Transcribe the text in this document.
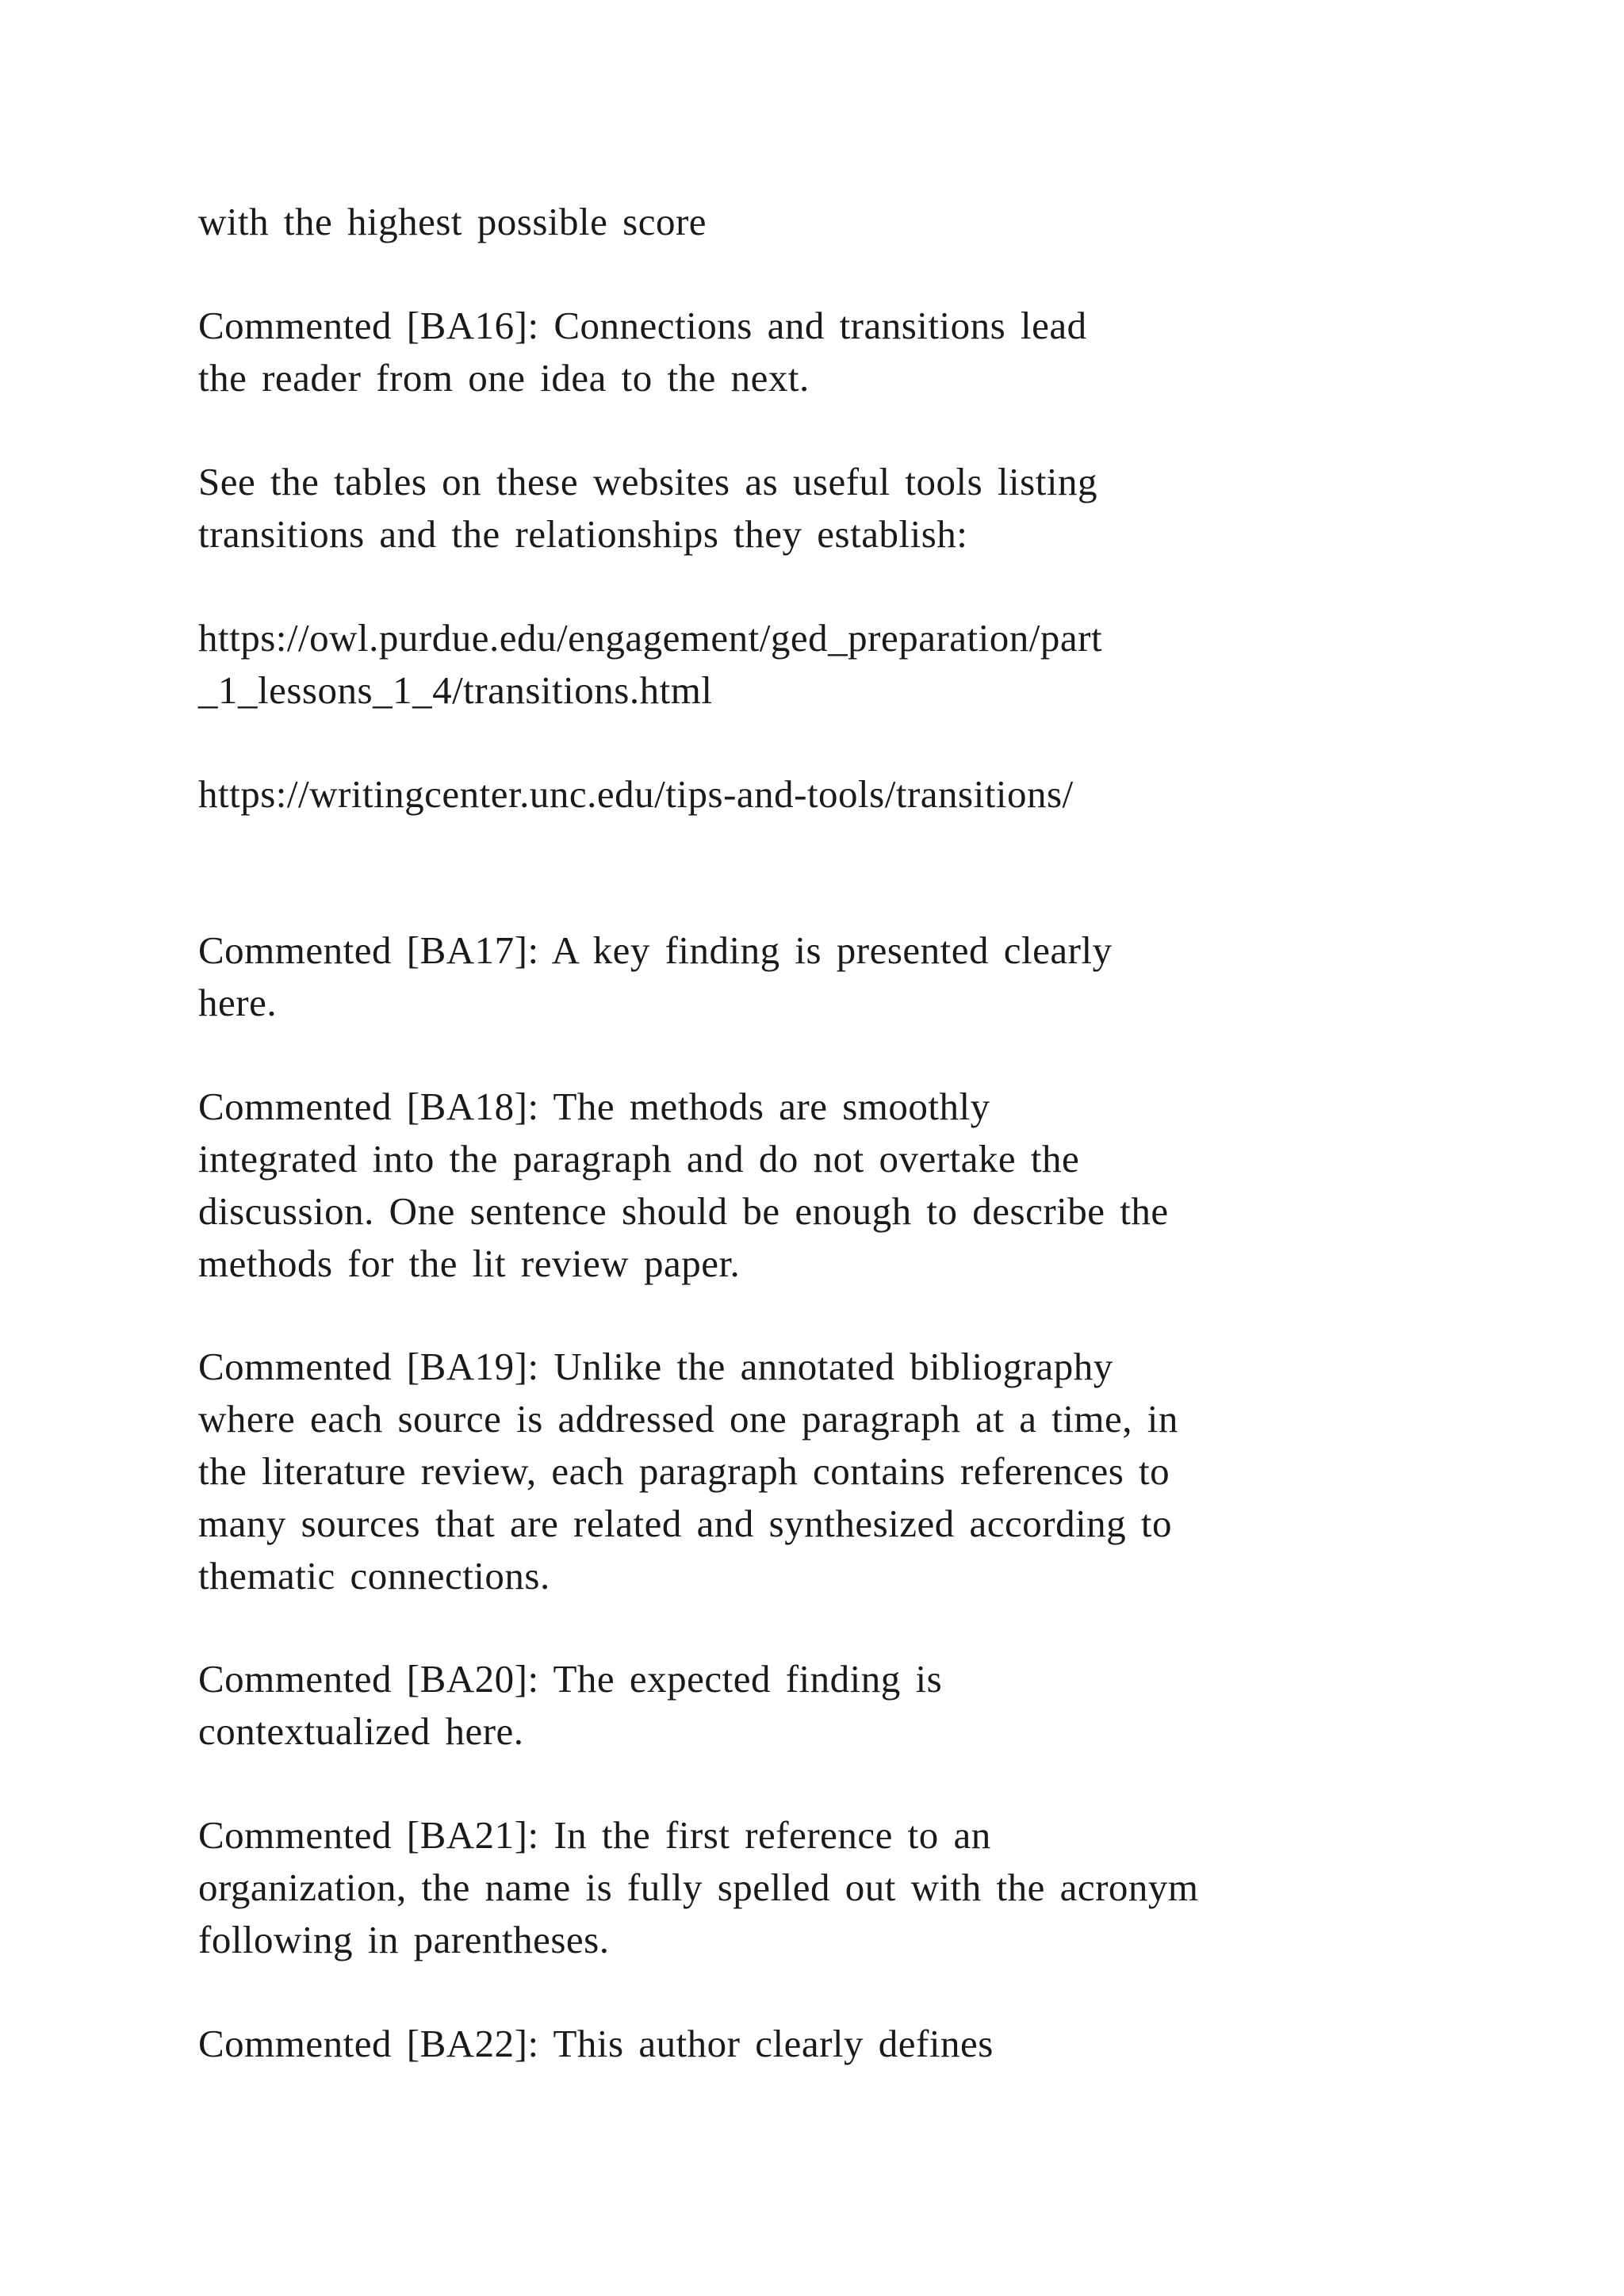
with the highest possible score
Commented [BA16]: Connections and transitions lead
the reader from one idea to the next.
See the tables on these websites as useful tools listing
transitions and the relationships they establish:
https://owl.purdue.edu/engagement/ged_preparation/part
_1_lessons_1_4/transitions.html
https://writingcenter.unc.edu/tips-and-tools/transitions/
Commented [BA17]: A key finding is presented clearly
here.
Commented [BA18]: The methods are smoothly
integrated into the paragraph and do not overtake the
discussion. One sentence should be enough to describe the
methods for the lit review paper.
Commented [BA19]: Unlike the annotated bibliography
where each source is addressed one paragraph at a time, in
the literature review, each paragraph contains references to
many sources that are related and synthesized according to
thematic connections.
Commented [BA20]: The expected finding is
contextualized here.
Commented [BA21]: In the first reference to an
organization, the name is fully spelled out with the acronym
following in parentheses.
Commented [BA22]: This author clearly defines
